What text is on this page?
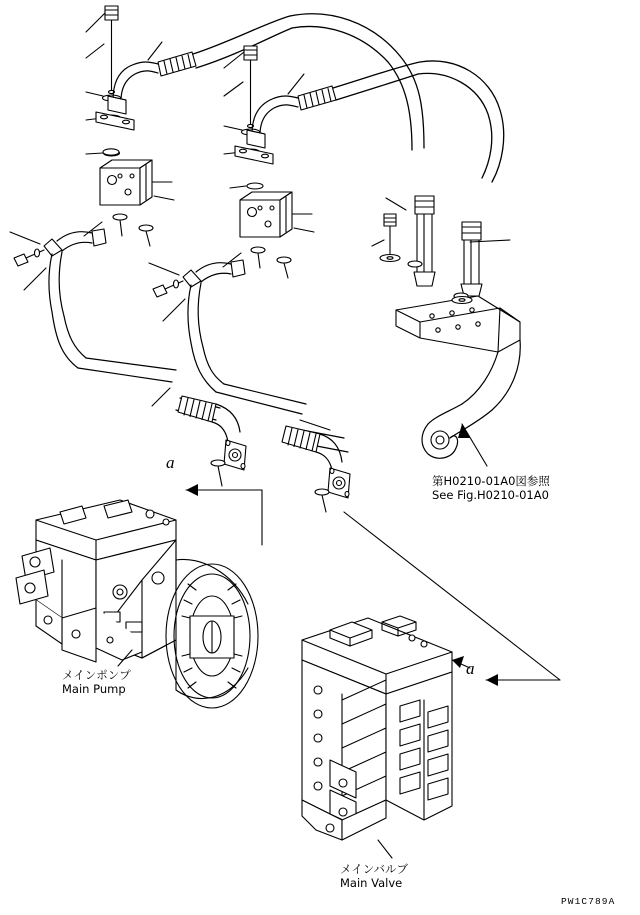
第H0210-01A0図参照
See Fig.H0210-01A0
メインポンプ
Main Pump
メインバルブ
Main Valve
a
a
PW1C789A
